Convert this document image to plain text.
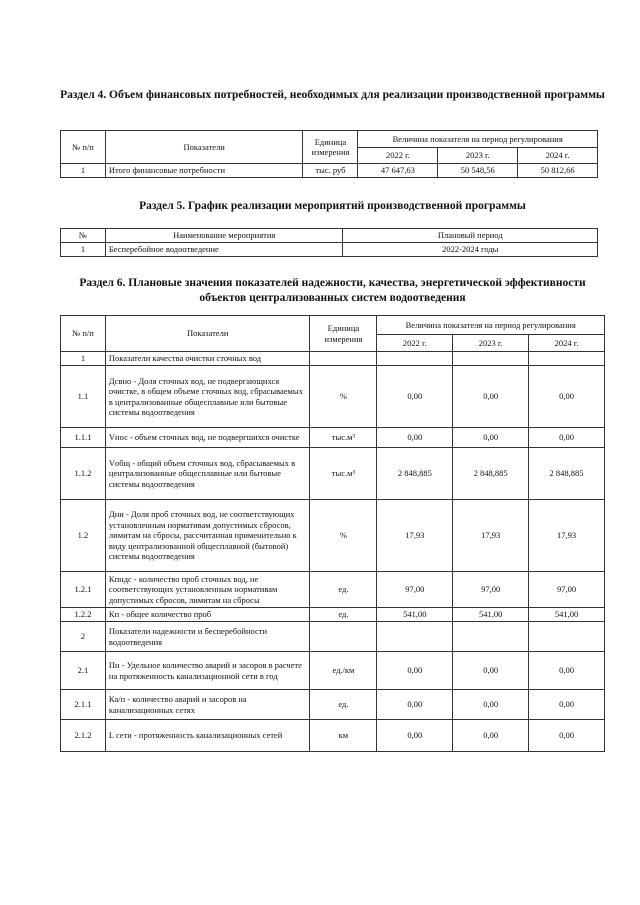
Раздел 4. Объем финансовых потребностей, необходимых для реализации производственной программы
№ п/п	Показатели	Единица измерения	Величина показателя на период регулирования		
			2022 г.	2023 г.	2024 г.
1	Итого финансовые потребности	тыс. руб	47 647,63	50 548,56	50 812,66
Раздел 5. График реализации мероприятий производственной программы
№	Наименование мероприятия	Плановый период
1	Бесперебойное водоотведение	2022-2024 годы
Раздел 6. Плановые значения показателей надежности, качества, энергетической эффективности объектов централизованных систем водоотведения
№ п/п	Показатели	Единица измерения	Величина показателя на период регулирования		
			2022 г.	2023 г.	2024 г.
1	Показатели качества очистки сточных вод				
1.1	Дсвно - Доля сточных вод, не подвергающихся очистке, в общем объеме сточных вод, сбрасываемых в централизованные общесплавные или бытовые системы водоотведения	%	0,00	0,00	0,00
1.1.1	Vнос - объем сточных вод, не подвергшихся очистке	тыс.м³	0,00	0,00	0,00
1.1.2	Vобщ - общий объем сточных вод, сбрасываемых в централизованные общесплавные или бытовые системы водоотведения	тыс.м³	2 848,885	2 848,885	2 848,885
1.2	Дни - Доля проб сточных вод, не соответствующих установленным нормативам допустимых сбросов, лимитам на сбросы, рассчитанная применительно к виду централизованной общесплавной (бытовой) системы водоотведения	%	17,93	17,93	17,93
1.2.1	Кпндс - количество проб сточных вод, не соответствующих установленным нормативам допустимых сбросов, лимитам на сбросы	ед.	97,00	97,00	97,00
1.2.2	Кп - общее количество проб	ед.	541,00	541,00	541,00
2	Показатели надежности и бесперебойности водоотведения				
2.1	Пн - Удельное количество аварий и засоров в расчете на протяженность канализационной сети в год	ед./км	0,00	0,00	0,00
2.1.1	Ка/п - количество аварий и засоров на канализационных сетях	ед.	0,00	0,00	0,00
2.1.2	L сети - протяженность канализационных сетей	км	0,00	0,00	0,00
